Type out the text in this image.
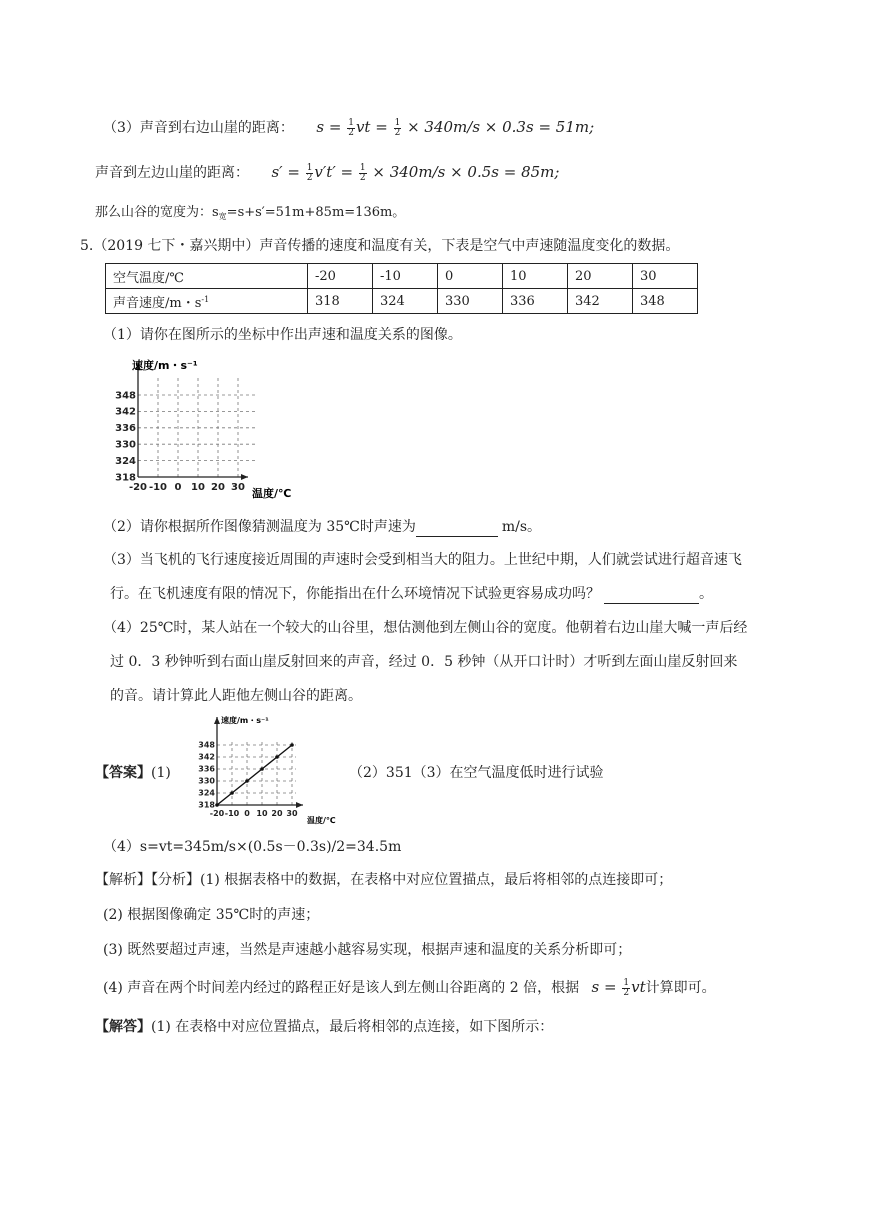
（3）声音到右边山崖的距离： $s = \frac{1}{2}$ vt = $\frac{1}{2} \times 340m/s \times 0.3s = 51m$;
声音到左边山崖的距离： $s' = \frac{1}{2} v't' = \frac{1}{2} \times 340m/s \times 0.5s = 85m$;
那么山谷的宽度为：$s_宽=s+s'=51m+85m=136m$。
5.（2019 七下・嘉兴期中）声音传播的速度和温度有关，下表是空气中声速随温度变化的数据。
空气温度/℃	-20	-10	0	10	20	30
声音速度/m・$s^{-1}$	318	324	330	336	342	348
（1）请你在图所示的坐标中作出声速和温度关系的图像。
318
324
330
336
342
348
-20 -10 0 10 20 30
速度/m・s⁻¹
温度/℃
（2）请你根据所作图像猜测温度为 35℃时声速为	m/s。
（3）当飞机的飞行速度接近周围的声速时会受到相当大的阻力。上世纪中期，人们就尝试进行超音速飞
行。在飞机速度有限的情况下，你能指出在什么环境情况下试验更容易成功吗？	。
（4）25℃时，某人站在一个较大的山谷里，想估测他到左侧山谷的宽度。他朝着右边山崖大喊一声后经
过 0．3 秒钟听到右面山崖反射回来的声音，经过 0．5 秒钟（从开口计时）才听到左面山崖反射回来
的音。请计算此人距他左侧山谷的距离。
【答案】(1)
318
324
330
336
342
348
-20 -10 0 10 20 30
速度/m・s⁻¹
温度/℃
（2）351（3）在空气温度低时进行试验
（4）s=vt=345m/s×(0.5s－0.3s)/2=34.5m
【解析】【分析】(1) 根据表格中的数据，在表格中对应位置描点，最后将相邻的点连接即可；
(2) 根据图像确定 35℃时的声速；
(3) 既然要超过声速，当然是声速越小越容易实现，根据声速和温度的关系分析即可；
(4) 声音在两个时间差内经过的路程正好是该人到左侧山谷距离的 2 倍，根据 $s = \frac{1}{2}$ vt计算即可。
【解答】(1) 在表格中对应位置描点，最后将相邻的点连接，如下图所示：
